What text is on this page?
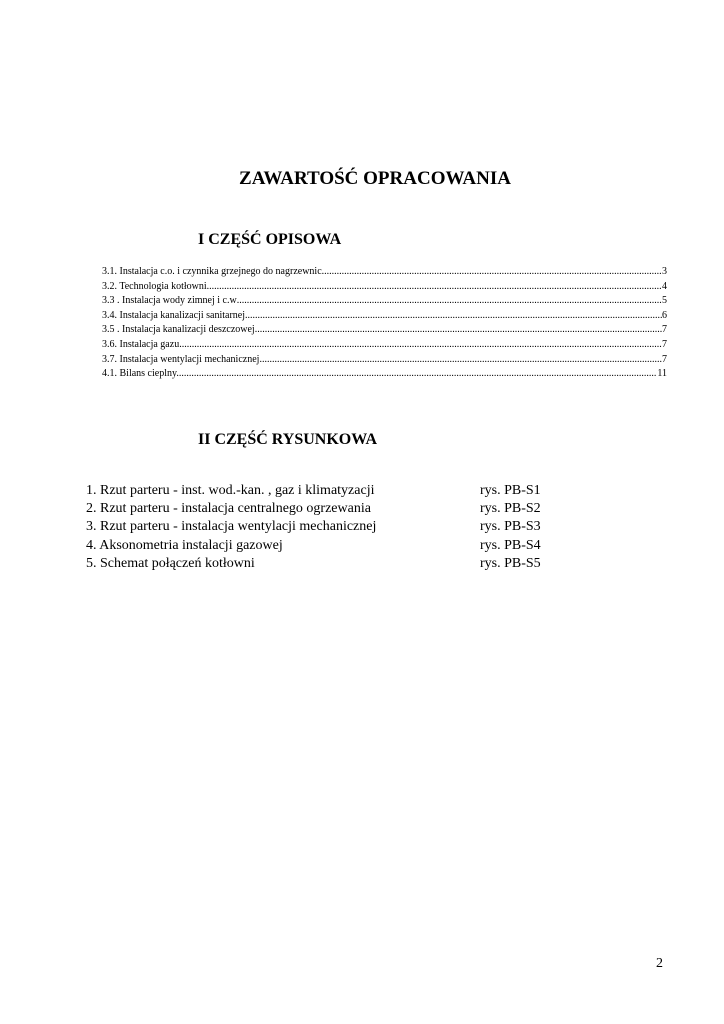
ZAWARTOŚĆ OPRACOWANIA
I CZĘŚĆ OPISOWA
3.1. Instalacja c.o. i czynnika grzejnego do nagrzewnic .....	3
3.2. Technologia kotłowni .....	4
3.3 . Instalacja wody zimnej i c.w .....	5
3.4. Instalacja kanalizacji sanitarnej .....	6
3.5 . Instalacja kanalizacji deszczowej .....	7
3.6. Instalacja gazu .....	7
3.7. Instalacja wentylacji mechanicznej .....	7
4.1. Bilans cieplny. .....	11
II CZĘŚĆ RYSUNKOWA
1. Rzut parteru - inst. wod.-kan. , gaz i klimatyzacji	rys. PB-S1
2. Rzut parteru - instalacja centralnego ogrzewania	rys. PB-S2
3. Rzut parteru - instalacja wentylacji mechanicznej	rys. PB-S3
4. Aksonometria instalacji gazowej	rys. PB-S4
5. Schemat połączeń kotłowni	rys. PB-S5
2
